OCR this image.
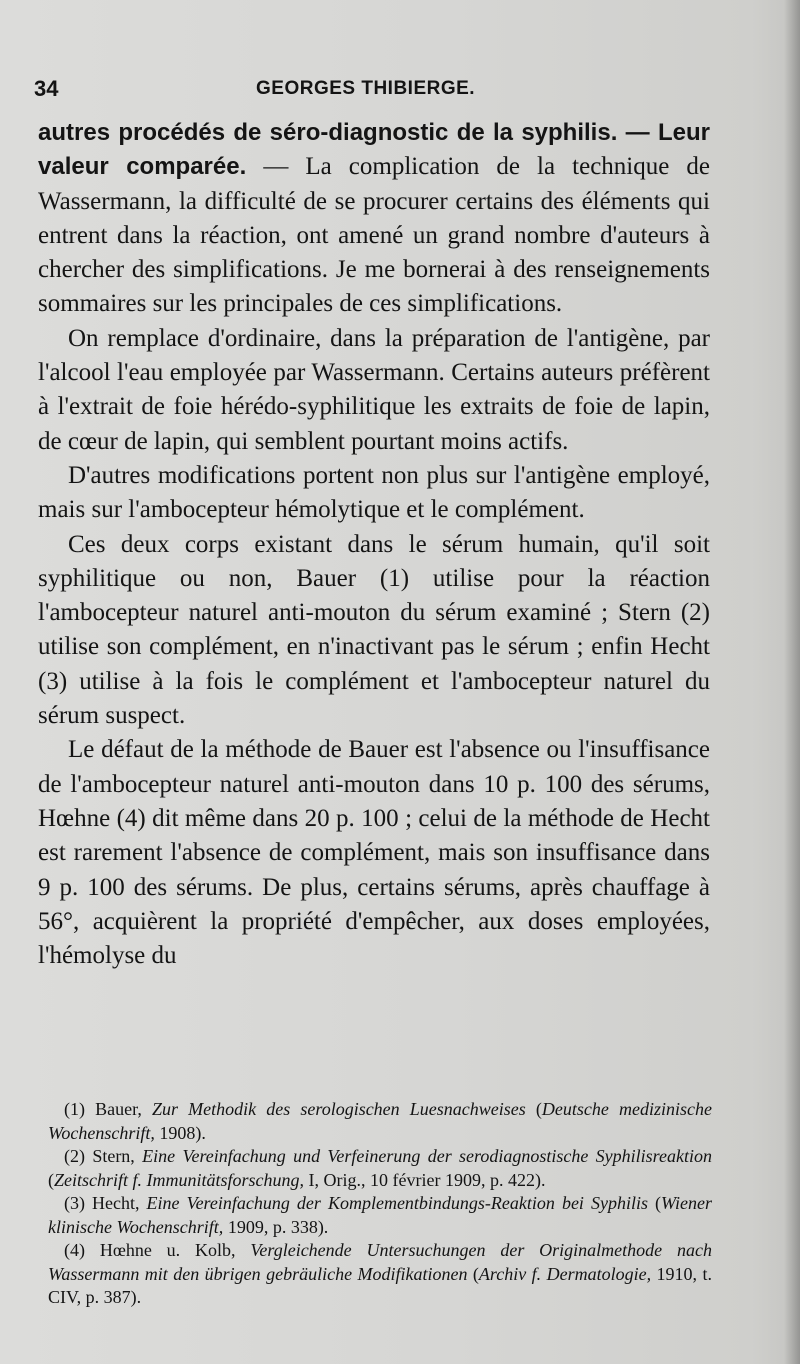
34	GEORGES THIBIERGE.

autres procédés de séro-diagnostic de la syphilis. — Leur valeur comparée. — La complication de la technique de Wassermann, la difficulté de se procurer certains des éléments qui entrent dans la réaction, ont amené un grand nombre d'auteurs à chercher des simplifications. Je me bornerai à des renseignements sommaires sur les principales de ces simplifications.

On remplace d'ordinaire, dans la préparation de l'antigène, par l'alcool l'eau employée par Wassermann. Certains auteurs préfèrent à l'extrait de foie hérédo-syphilitique les extraits de foie de lapin, de cœur de lapin, qui semblent pourtant moins actifs.

D'autres modifications portent non plus sur l'antigène employé, mais sur l'ambocepteur hémolytique et le complément.

Ces deux corps existant dans le sérum humain, qu'il soit syphilitique ou non, Bauer (1) utilise pour la réaction l'ambocepteur naturel anti-mouton du sérum examiné ; Stern (2) utilise son complément, en n'inactivant pas le sérum ; enfin Hecht (3) utilise à la fois le complément et l'ambocepteur naturel du sérum suspect.

Le défaut de la méthode de Bauer est l'absence ou l'insuffisance de l'ambocepteur naturel anti-mouton dans 10 p. 100 des sérums, Hœhne (4) dit même dans 20 p. 100 ; celui de la méthode de Hecht est rarement l'absence de complément, mais son insuffisance dans 9 p. 100 des sérums. De plus, certains sérums, après chauffage à 56°, acquièrent la propriété d'empêcher, aux doses employées, l'hémolyse du

(1) Bauer, Zur Methodik des serologischen Luesnachweises (Deutsche medizinische Wochenschrift, 1908).

(2) Stern, Eine Vereinfachung und Verfeinerung der serodiagnostische Syphilisreaktion (Zeitschrift f. Immunitätsforschung, I, Orig., 10 février 1909, p. 422).

(3) Hecht, Eine Vereinfachung der Komplementbindungs-Reaktion bei Syphilis (Wiener klinische Wochenschrift, 1909, p. 338).

(4) Hœhne u. Kolb, Vergleichende Untersuchungen der Originalmethode nach Wassermann mit den übrigen gebräuliche Modifikationen (Archiv f. Dermatologie, 1910, t. CIV, p. 387).
